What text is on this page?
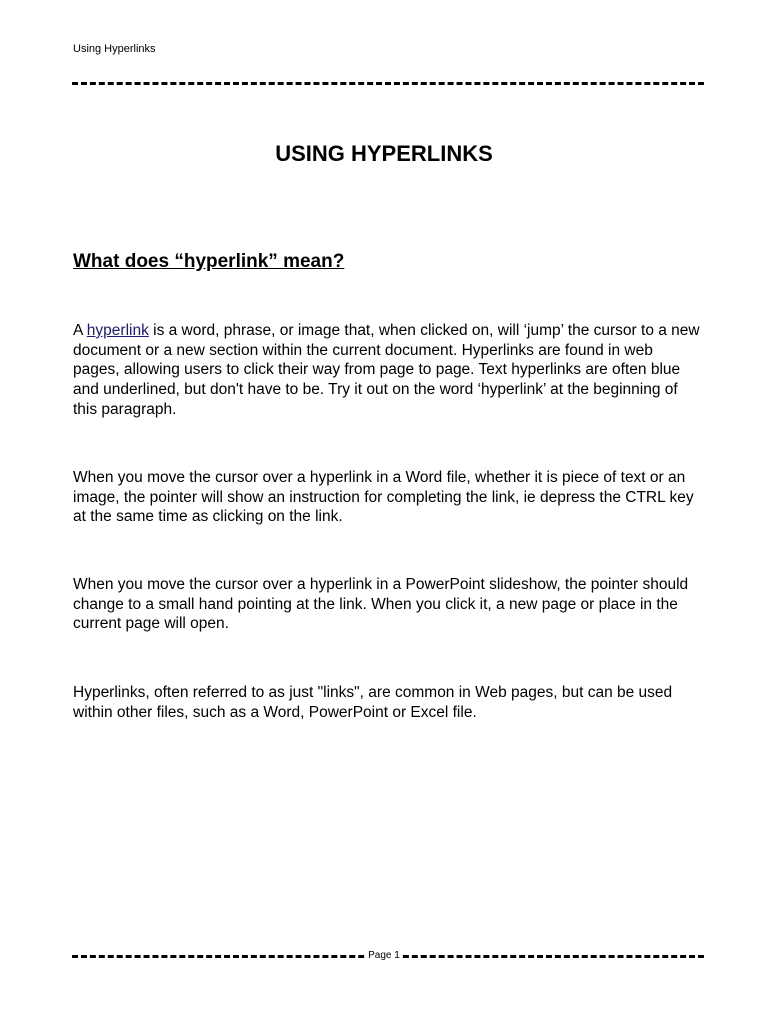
Using Hyperlinks
USING HYPERLINKS
What does “hyperlink” mean?

A hyperlink is a word, phrase, or image that, when clicked on, will ‘jump’ the cursor to a new document or a new section within the current document. Hyperlinks are found in web pages, allowing users to click their way from page to page. Text hyperlinks are often blue and underlined, but don't have to be. Try it out on the word ‘hyperlink’ at the beginning of this paragraph.

When you move the cursor over a hyperlink in a Word file, whether it is piece of text or an image, the pointer will show an instruction for completing the link, ie depress the CTRL key at the same time as clicking on the link.

When you move the cursor over a hyperlink in a PowerPoint slideshow, the pointer should change to a small hand pointing at the link. When you click it, a new page or place in the current page will open.

Hyperlinks, often referred to as just "links", are common in Web pages, but can be used within other files, such as a Word, PowerPoint or Excel file.

Page 1
